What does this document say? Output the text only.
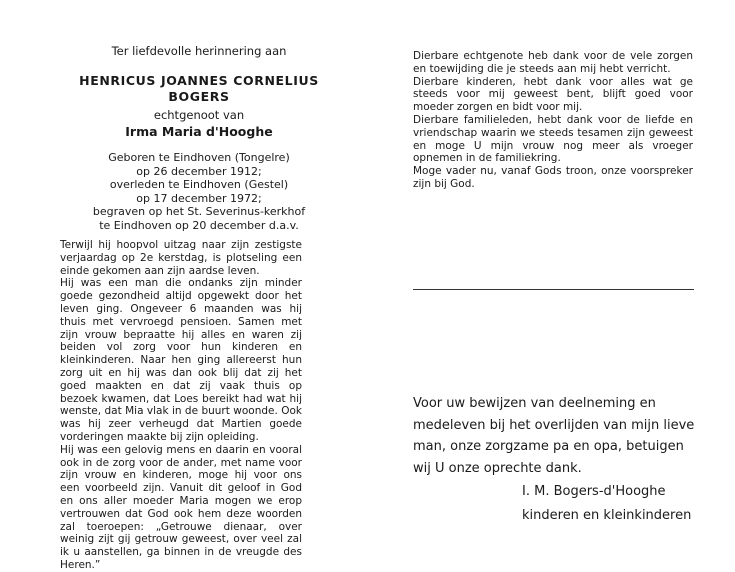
Ter liefdevolle herinnering aan
HENRICUS JOANNES CORNELIUS
BOGERS
echtgenoot van
Irma Maria d'Hooghe
Geboren te Eindhoven (Tongelre)
op 26 december 1912;
overleden te Eindhoven (Gestel)
op 17 december 1972;
begraven op het St. Severinus-kerkhof
te Eindhoven op 20 december d.a.v.

Terwijl hij hoopvol uitzag naar zijn zestigste verjaardag op 2e kerstdag, is plotseling een einde gekomen aan zijn aardse leven.

Hij was een man die ondanks zijn minder goede gezondheid altijd opgewekt door het leven ging. Ongeveer 6 maanden was hij thuis met vervroegd pensioen. Samen met zijn vrouw bepraatte hij alles en waren zij beiden vol zorg voor hun kinderen en kleinkinderen. Naar hen ging allereerst hun zorg uit en hij was dan ook blij dat zij het goed maakten en dat zij vaak thuis op bezoek kwamen, dat Loes bereikt had wat hij wenste, dat Mia vlak in de buurt woonde. Ook was hij zeer verheugd dat Martien goede vorderingen maakte bij zijn opleiding.

Hij was een gelovig mens en daarin en vooral ook in de zorg voor de ander, met name voor zijn vrouw en kinderen, moge hij voor ons een voorbeeld zijn. Vanuit dit geloof in God en ons aller moeder Maria mogen we erop vertrouwen dat God ook hem deze woorden zal toeroepen: „Getrouwe dienaar, over weinig zijt gij getrouw geweest, over veel zal ik u aanstellen, ga binnen in de vreugde des Heren.”

Dierbare echtgenote heb dank voor de vele zorgen en toewijding die je steeds aan mij hebt verricht.

Dierbare kinderen, hebt dank voor alles wat ge steeds voor mij geweest bent, blijft goed voor moeder zorgen en bidt voor mij.

Dierbare familieleden, hebt dank voor de liefde en vriendschap waarin we steeds tesamen zijn geweest en moge U mijn vrouw nog meer als vroeger opnemen in de familiekring.

Moge vader nu, vanaf Gods troon, onze voorspreker zijn bij God.

Voor uw bewijzen van deelneming en medeleven bij het overlijden van mijn lieve man, onze zorgzame pa en opa, betuigen wij U onze oprechte dank.
I. M. Bogers-d'Hooghe
kinderen en kleinkinderen
